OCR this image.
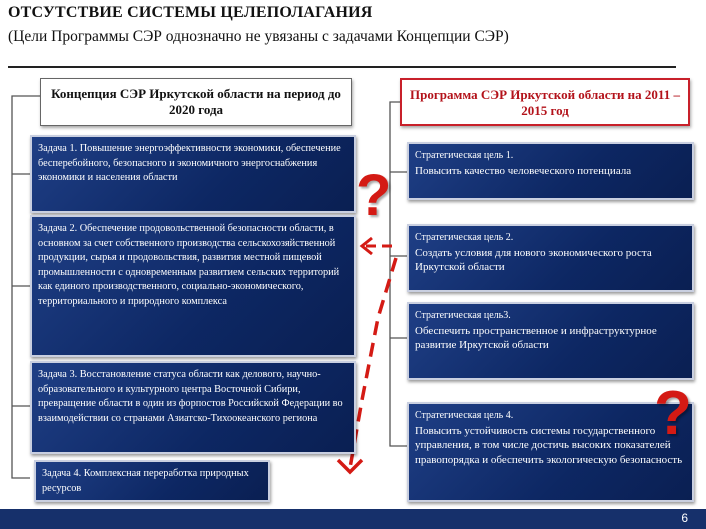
ОТСУТСТВИЕ СИСТЕМЫ ЦЕЛЕПОЛАГАНИЯ
(Цели Программы СЭР однозначно не увязаны с задачами Концепции СЭР)
Концепция СЭР Иркутской области на период до 2020 года
Программа СЭР Иркутской области на 2011 – 2015 год
Задача 1. Повышение энергоэффективности экономики, обеспечение бесперебойного, безопасного и экономичного энергоснабжения экономики и населения области
Задача 2. Обеспечение продовольственной безопасности области, в основном за счет собственного производства сельскохозяйственной продукции, сырья и продовольствия, развития местной пищевой промышленности с одновременным развитием сельских территорий как единого производственного, социально-экономического, территориального и природного комплекса
Задача 3. Восстановление статуса области как делового, научно-образовательного и культурного центра Восточной Сибири, превращение области в один из форпостов Российской Федерации во взаимодействии со странами Азиатско-Тихоокеанского региона
Задача 4. Комплексная переработка природных ресурсов
Стратегическая цель 1.
Повысить качество человеческого потенциала
Стратегическая цель 2.
Создать условия для нового экономического роста Иркутской области
Стратегическая цель3.
Обеспечить пространственное и инфраструктурное развитие Иркутской области
Стратегическая цель 4.
Повысить устойчивость системы государственного управления, в том числе достичь высоких показателей правопорядка и обеспечить экологическую безопасность
?
?
6
